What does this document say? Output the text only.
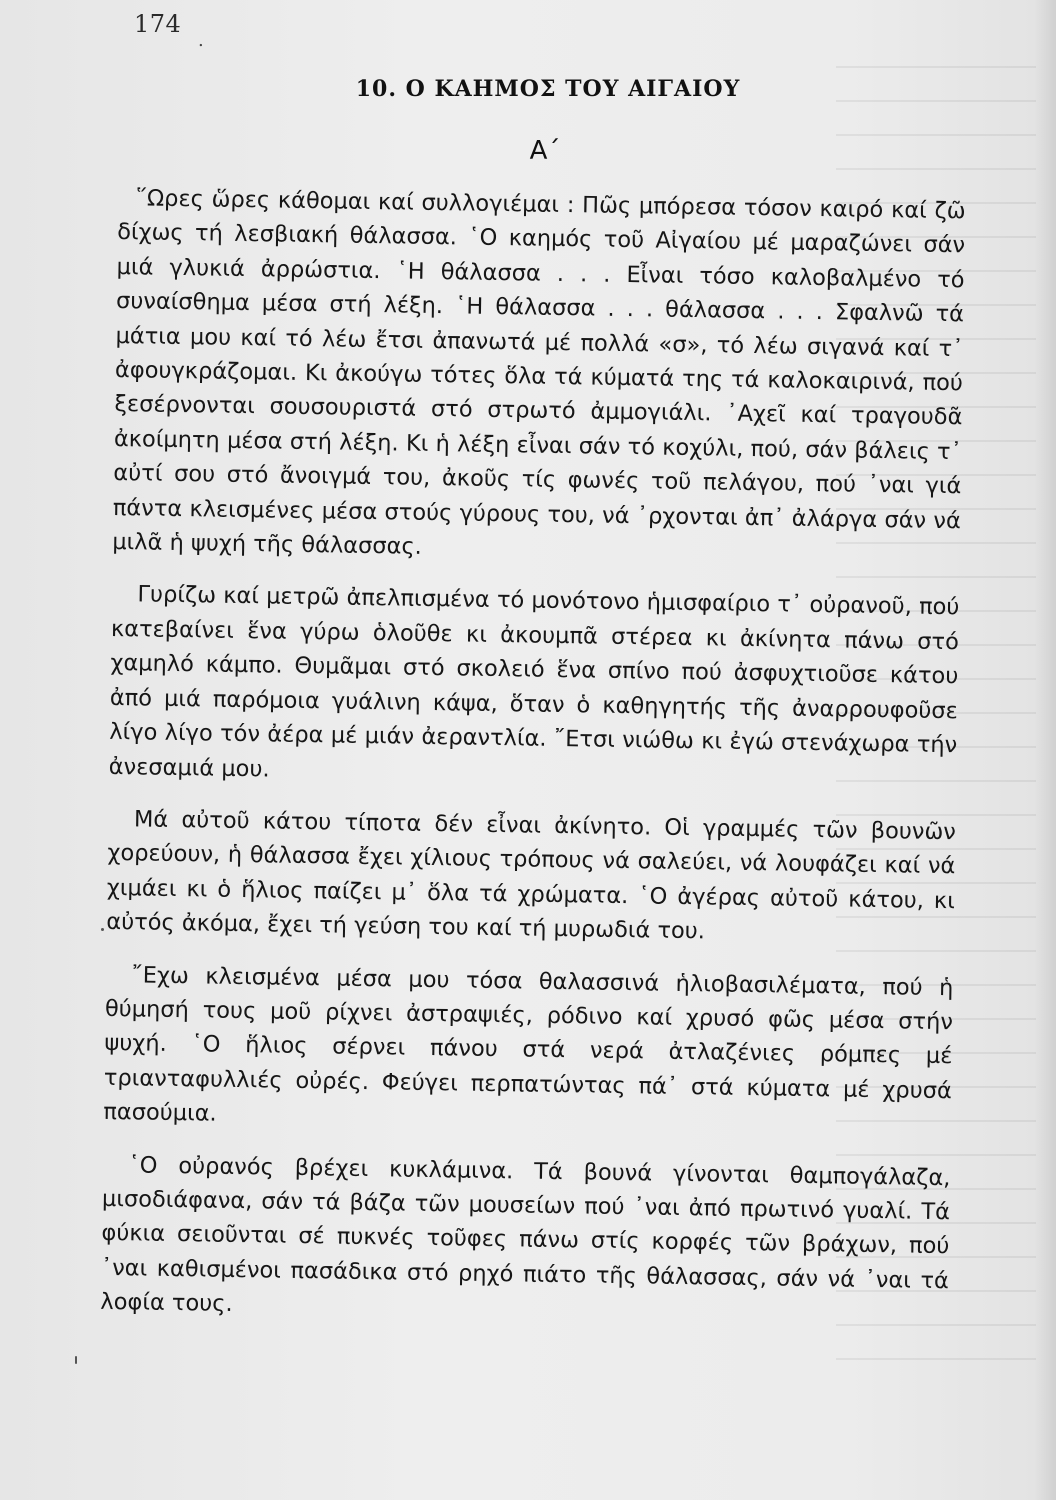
174
.
10. Ο ΚΑΗΜΟΣ ΤΟΥ ΑΙΓΑΙΟΥ
Α΄

῞Ωρες ὥρες κάθομαι καί συλλογιέμαι : Πῶς μπόρεσα τόσον καιρό καί ζῶ δίχως τή λεσβιακή θάλασσα. ῾Ο καημός τοῦ Αἰγαίου μέ μαραζώνει σάν μιά γλυκιά ἀρρώστια. ῾Η θάλασσα . . . Εἶναι τόσο καλοβαλμένο τό συναίσθημα μέσα στή λέξη. ῾Η θάλασσα . . . θάλασσα . . . Σφαλνῶ τά μάτια μου καί τό λέω ἔτσι ἀπανωτά μέ πολλά «σ», τό λέω σιγανά καί τ᾽ ἀφουγκράζομαι. Κι ἀκούγω τότες ὅλα τά κύματά της τά καλοκαιρινά, πού ξεσέρνονται σουσουριστά στό στρωτό ἀμμογιάλι. ᾿Αχεῖ καί τραγουδᾶ ἀκοίμητη μέσα στή λέξη. Κι ἡ λέξη εἶναι σάν τό κοχύλι, πού, σάν βάλεις τ᾽ αὐτί σου στό ἄνοιγμά του, ἀκοῦς τίς φωνές τοῦ πελάγου, πού ᾽ναι γιά πάντα κλεισμένες μέσα στούς γύρους του, νά ᾽ρχονται ἀπ᾽ ἀλάργα σάν νά μιλᾶ ἡ ψυχή τῆς θάλασσας.

Γυρίζω καί μετρῶ ἀπελπισμένα τό μονότονο ἡμισφαίριο τ᾽ οὐρανοῦ, πού κατεβαίνει ἕνα γύρω ὁλοῦθε κι ἀκουμπᾶ στέρεα κι ἀκίνητα πάνω στό χαμηλό κάμπο. Θυμᾶμαι στό σκολειό ἕνα σπίνο πού ἀσφυχτιοῦσε κάτου ἀπό μιά παρόμοια γυάλινη κάψα, ὅταν ὁ καθηγητής τῆς ἀναρρουφοῦσε λίγο λίγο τόν ἀέρα μέ μιάν ἀεραντλία. ῎Ετσι νιώθω κι ἐγώ στενάχωρα τήν ἀνεσαμιά μου.

Μά αὐτοῦ κάτου τίποτα δέν εἶναι ἀκίνητο. Οἱ γραμμές τῶν βουνῶν χορεύουν, ἡ θάλασσα ἔχει χίλιους τρόπους νά σαλεύει, νά λουφάζει καί νά χιμάει κι ὁ ἥλιος παίζει μ᾽ ὅλα τά χρώματα. ῾Ο ἀγέρας αὐτοῦ κάτου, κι αὐτός ἀκόμα, ἔχει τή γεύση του καί τή μυρωδιά του.

῎Εχω κλεισμένα μέσα μου τόσα θαλασσινά ἡλιοβασιλέματα, πού ἡ θύμησή τους μοῦ ρίχνει ἀστραψιές, ρόδινο καί χρυσό φῶς μέσα στήν ψυχή. ῾Ο ἥλιος σέρνει πάνου στά νερά ἀτλαζένιες ρόμπες μέ τριανταφυλλιές οὐρές. Φεύγει περπατώντας πά᾽ στά κύματα μέ χρυσά πασούμια.

῾Ο οὐρανός βρέχει κυκλάμινα. Τά βουνά γίνονται θαμπογάλαζα, μισοδιάφανα, σάν τά βάζα τῶν μουσείων πού ᾽ναι ἀπό πρωτινό γυαλί. Τά φύκια σειοῦνται σέ πυκνές τοῦφες πάνω στίς κορφές τῶν βράχων, πού ᾽ναι καθισμένοι πασάδικα στό ρηχό πιάτο τῆς θάλασσας, σάν νά ᾽ναι τά λοφία τους.
